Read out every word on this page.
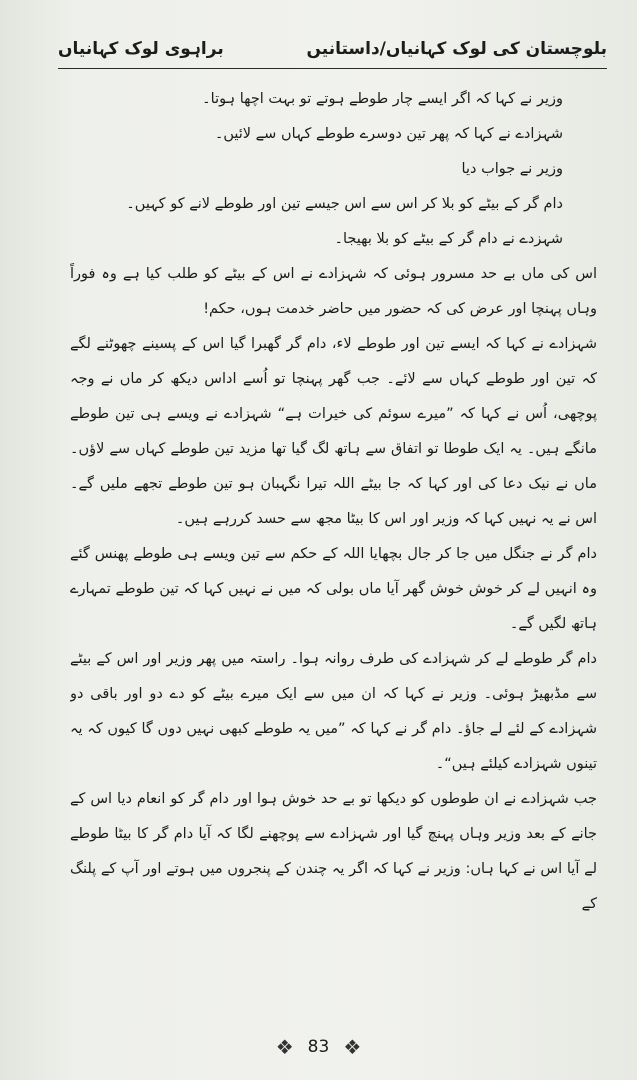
بلوچستان کی لوک کہانیاں/داستانیں
براہوی لوک کہانیاں

وزیر نے کہا کہ اگر ایسے چار طوطے ہوتے تو بہت اچھا ہوتا۔

شہزادے نے کہا کہ پھر تین دوسرے طوطے کہاں سے لائیں۔

وزیر نے جواب دیا

دام گر کے بیٹے کو بلا کر اس سے اس جیسے تین اور طوطے لانے کو کہیں۔

شہزدے نے دام گر کے بیٹے کو بلا بھیجا۔

اس کی ماں بے حد مسرور ہوئی کہ شہزادے نے اس کے بیٹے کو طلب کیا ہے وہ فوراً وہاں پہنچا اور عرض کی کہ حضور میں حاضر خدمت ہوں، حکم!

شہزادے نے کہا کہ ایسے تین اور طوطے لاء، دام گر گھبرا گیا اس کے پسینے چھوٹنے لگے کہ تین اور طوطے کہاں سے لائے۔ جب گھر پہنچا تو اُسے اداس دیکھ کر ماں نے وجہ پوچھی، اُس نے کہا کہ ”میرے سوئم کی خیرات ہے“ شہزادے نے ویسے ہی تین طوطے مانگے ہیں۔ یہ ایک طوطا تو اتفاق سے ہاتھ لگ گیا تھا مزید تین طوطے کہاں سے لاؤں۔ ماں نے نیک دعا کی اور کہا کہ جا بیٹے اللہ تیرا نگہبان ہو تین طوطے تجھے ملیں گے۔ اس نے یہ نہیں کہا کہ وزیر اور اس کا بیٹا مجھ سے حسد کررہے ہیں۔

دام گر نے جنگل میں جا کر جال بچھایا اللہ کے حکم سے تین ویسے ہی طوطے پھنس گئے وہ انہیں لے کر خوش خوش گھر آیا ماں بولی کہ میں نے نہیں کہا کہ تین طوطے تمہارے ہاتھ لگیں گے۔

دام گر طوطے لے کر شہزادے کی طرف روانہ ہوا۔ راستہ میں پھر وزیر اور اس کے بیٹے سے مڈبھیڑ ہوئی۔ وزیر نے کہا کہ ان میں سے ایک میرے بیٹے کو دے دو اور باقی دو شہزادے کے لئے لے جاؤ۔ دام گر نے کہا کہ ”میں یہ طوطے کبھی نہیں دوں گا کیوں کہ یہ تینوں شہزادے کیلئے ہیں“۔

جب شہزادے نے ان طوطوں کو دیکھا تو بے حد خوش ہوا اور دام گر کو انعام دیا اس کے جانے کے بعد وزیر وہاں پہنچ گیا اور شہزادے سے پوچھنے لگا کہ آیا دام گر کا بیٹا طوطے لے آیا اس نے کہا ہاں: وزیر نے کہا کہ اگر یہ چندن کے پنجروں میں ہوتے اور آپ کے پلنگ کے

❖ 83 ❖
